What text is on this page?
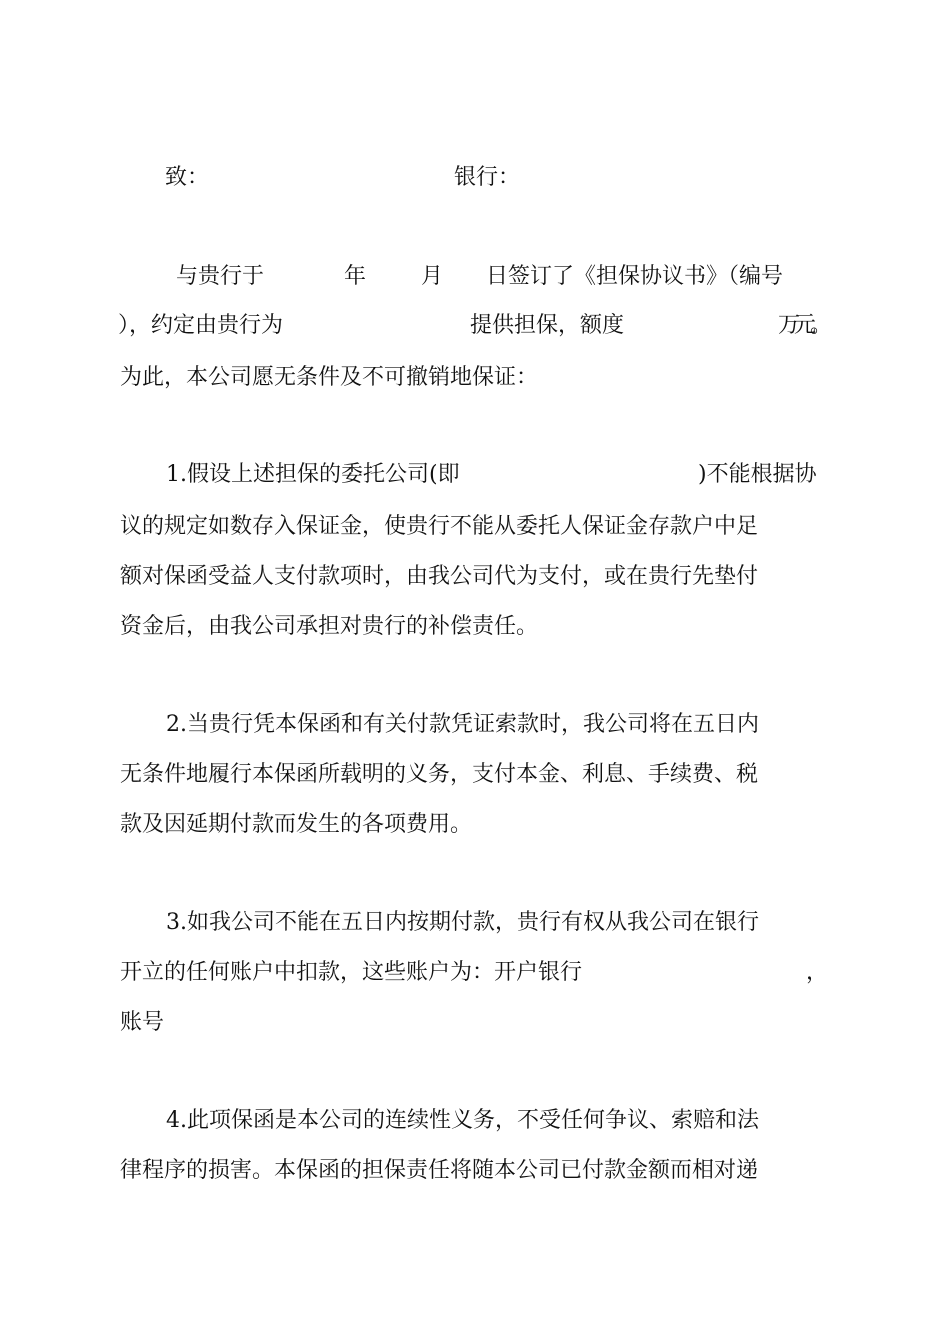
致：	银行：
与贵行于	年 月 日签订了《担保协议书》（编号
），约定由贵行为	提供担保，额度	万元。
为此，本公司愿无条件及不可撤销地保证：
1.假设上述担保的委托公司(即	)不能根据协
议的规定如数存入保证金，使贵行不能从委托人保证金存款户中足
额对保函受益人支付款项时，由我公司代为支付，或在贵行先垫付
资金后，由我公司承担对贵行的补偿责任。
2.当贵行凭本保函和有关付款凭证索款时，我公司将在五日内
无条件地履行本保函所载明的义务，支付本金、利息、手续费、税
款及因延期付款而发生的各项费用。
3.如我公司不能在五日内按期付款，贵行有权从我公司在银行
开立的任何账户中扣款，这些账户为：开户银行	，
账号
4.此项保函是本公司的连续性义务，不受任何争议、索赔和法
律程序的损害。本保函的担保责任将随本公司已付款金额而相对递
